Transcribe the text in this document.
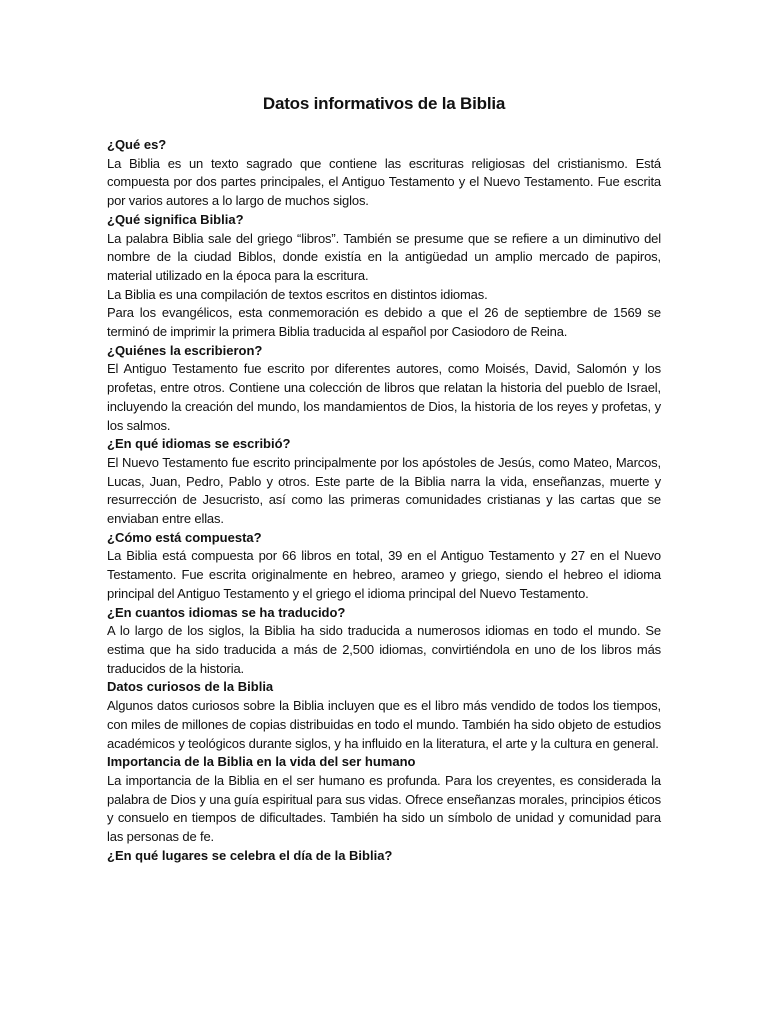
Datos informativos de la Biblia

¿Qué es?

La Biblia es un texto sagrado que contiene las escrituras religiosas del cristianismo. Está compuesta por dos partes principales, el Antiguo Testamento y el Nuevo Testamento. Fue escrita por varios autores a lo largo de muchos siglos.

¿Qué significa Biblia?

La palabra Biblia sale del griego “libros”. También se presume que se refiere a un diminutivo del nombre de la ciudad Biblos, donde existía en la antigüedad un amplio mercado de papiros, material utilizado en la época para la escritura.

La Biblia es una compilación de textos escritos en distintos idiomas.

Para los evangélicos, esta conmemoración es debido a que el 26 de septiembre de 1569 se terminó de imprimir la primera Biblia traducida al español por Casiodoro de Reina.

¿Quiénes la escribieron?

El Antiguo Testamento fue escrito por diferentes autores, como Moisés, David, Salomón y los profetas, entre otros. Contiene una colección de libros que relatan la historia del pueblo de Israel, incluyendo la creación del mundo, los mandamientos de Dios, la historia de los reyes y profetas, y los salmos.

¿En qué idiomas se escribió?

El Nuevo Testamento fue escrito principalmente por los apóstoles de Jesús, como Mateo, Marcos, Lucas, Juan, Pedro, Pablo y otros. Este parte de la Biblia narra la vida, enseñanzas, muerte y resurrección de Jesucristo, así como las primeras comunidades cristianas y las cartas que se enviaban entre ellas.

¿Cómo está compuesta?

La Biblia está compuesta por 66 libros en total, 39 en el Antiguo Testamento y 27 en el Nuevo Testamento. Fue escrita originalmente en hebreo, arameo y griego, siendo el hebreo el idioma principal del Antiguo Testamento y el griego el idioma principal del Nuevo Testamento.

¿En cuantos idiomas se ha traducido?

A lo largo de los siglos, la Biblia ha sido traducida a numerosos idiomas en todo el mundo. Se estima que ha sido traducida a más de 2,500 idiomas, convirtiéndola en uno de los libros más traducidos de la historia.

Datos curiosos de la Biblia

Algunos datos curiosos sobre la Biblia incluyen que es el libro más vendido de todos los tiempos, con miles de millones de copias distribuidas en todo el mundo. También ha sido objeto de estudios académicos y teológicos durante siglos, y ha influido en la literatura, el arte y la cultura en general.

Importancia de la Biblia en la vida del ser humano

La importancia de la Biblia en el ser humano es profunda. Para los creyentes, es considerada la palabra de Dios y una guía espiritual para sus vidas. Ofrece enseñanzas morales, principios éticos y consuelo en tiempos de dificultades. También ha sido un símbolo de unidad y comunidad para las personas de fe.

¿En qué lugares se celebra el día de la Biblia?
